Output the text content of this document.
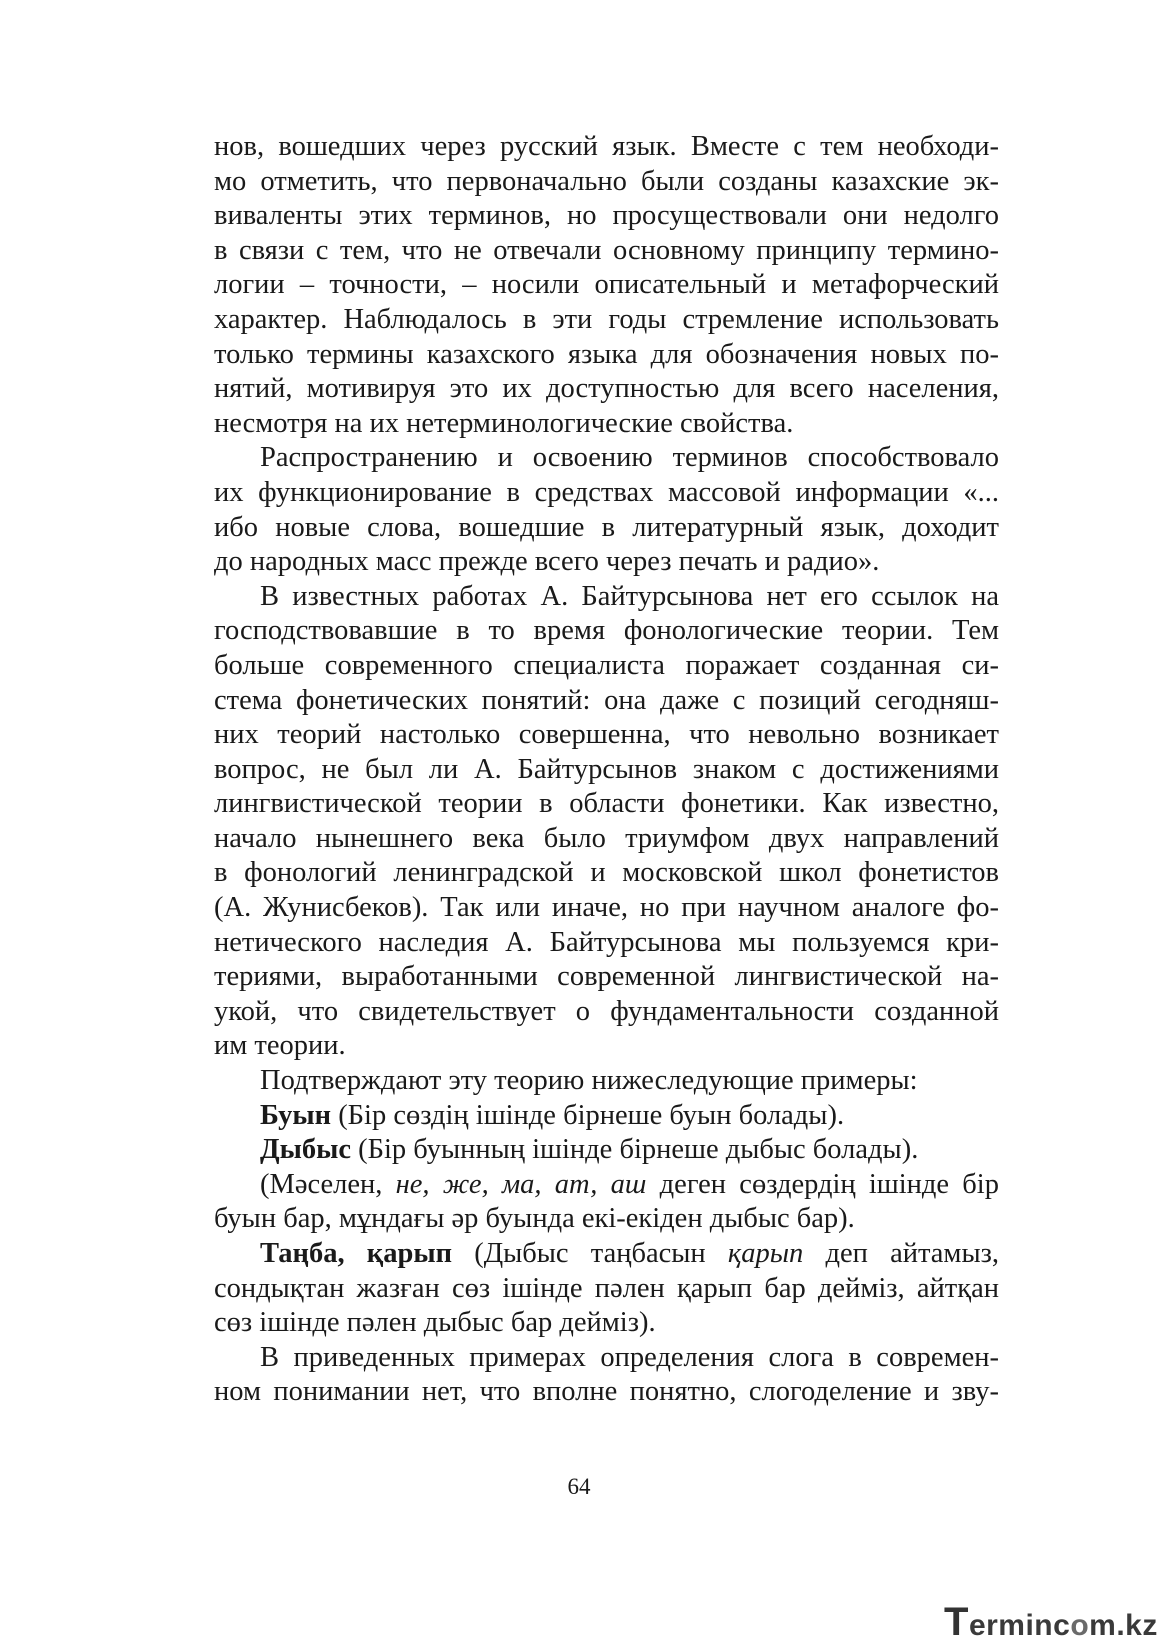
нов, вошедших через русский язык. Вместе с тем необходи-
мо отметить, что первоначально были созданы казахские эк-
виваленты этих терминов, но просуществовали они недолго
в связи с тем, что не отвечали основному принципу термино-
логии – точности, – носили описательный и метафорческий
характер. Наблюдалось в эти годы стремление использовать
только термины казахского языка для обозначения новых по-
нятий, мотивируя это их доступностью для всего населения,
несмотря на их нетерминологические свойства.

Распространению и освоению терминов способствовало
их функционирование в средствах массовой информации «...
ибо новые слова, вошедшие в литературный язык, доходит
до народных масс прежде всего через печать и радио».

В известных работах А. Байтурсынова нет его ссылок на
господствовавшие в то время фонологические теории. Тем
больше современного специалиста поражает созданная си-
стема фонетических понятий: она даже с позиций сегодняш-
них теорий настолько совершенна, что невольно возникает
вопрос, не был ли А. Байтурсынов знаком с достижениями
лингвистической теории в области фонетики. Как известно,
начало нынешнего века было триумфом двух направлений
в фонологий ленинградской и московской школ фонетистов
(А. Жунисбеков). Так или иначе, но при научном аналоге фо-
нетического наследия А. Байтурсынова мы пользуемся кри-
териями, выработанными современной лингвистической на-
укой, что свидетельствует о фундаментальности созданной
им теории.

Подтверждают эту теорию нижеследующие примеры:

Буын (Бір сөздің ішінде бірнеше буын болады).

Дыбыс (Бір буынның ішінде бірнеше дыбыс болады).

(Мәселен, не, же, ма, ат, аш деген сөздердің ішінде бір
буын бар, мұндағы әр буында екі-екіден дыбыс бар).

Таңба, қарып (Дыбыс таңбасын қарып деп айтамыз,
сондықтан жазған сөз ішінде пәлен қарып бар дейміз, айтқан
сөз ішінде пәлен дыбыс бар дейміз).

В приведенных примерах определения слога в современ-
ном понимании нет, что вполне понятно, слогоделение и зву-

64
Termincom.kz
